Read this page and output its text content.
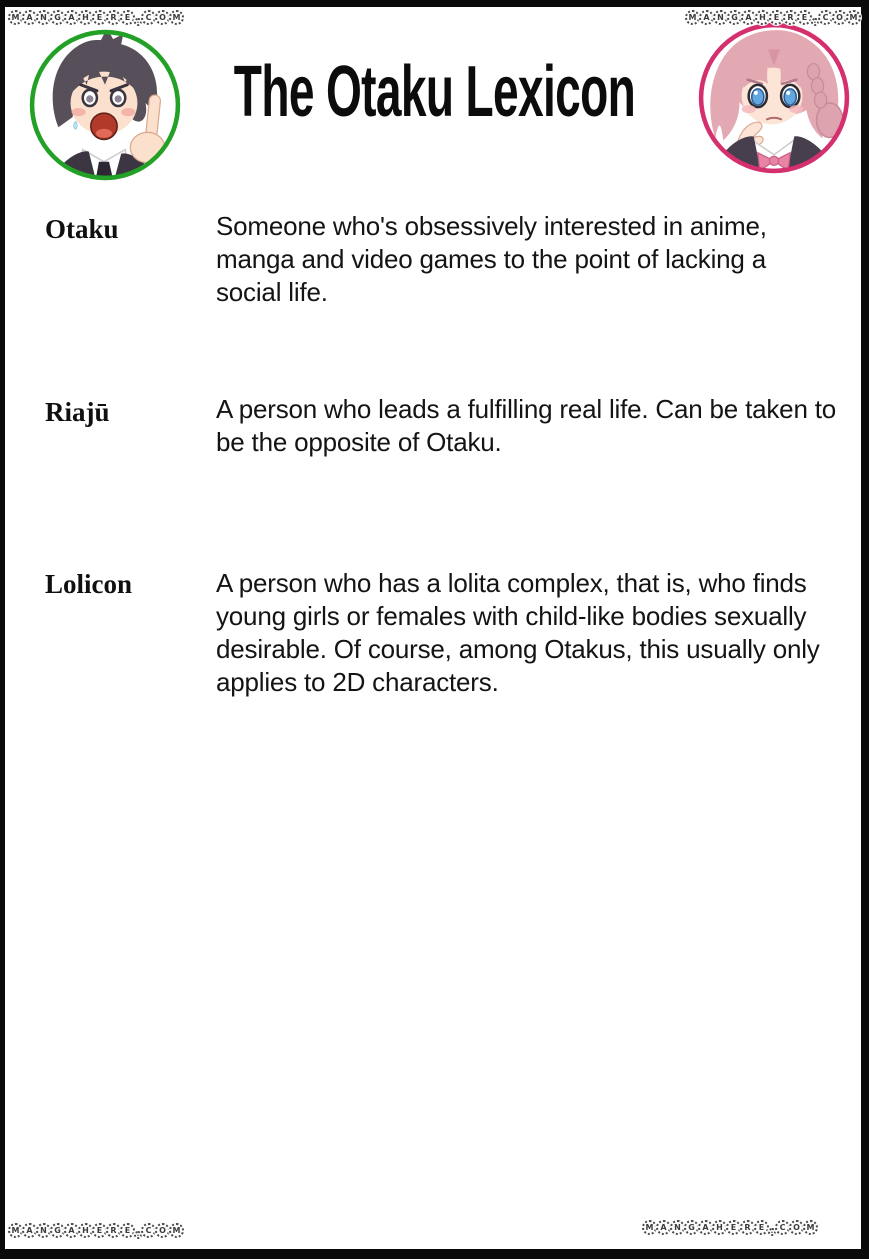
M A N G A H E	R	E . C O M	M A N G A H E	R	E . C O M
M A N G A H E	R	E . C O M	M A N G A H E	R	E . C O M
The Otaku Lexicon
Otaku	Someone who's obsessively interested in anime, manga and video games to the point of lacking a social life.
Riajū	A person who leads a fulfilling real life. Can be taken to be the opposite of Otaku.
Lolicon	A person who has a lolita complex, that is, who finds young girls or females with child-like bodies sexually desirable. Of course, among Otakus, this usually only applies to 2D characters.
